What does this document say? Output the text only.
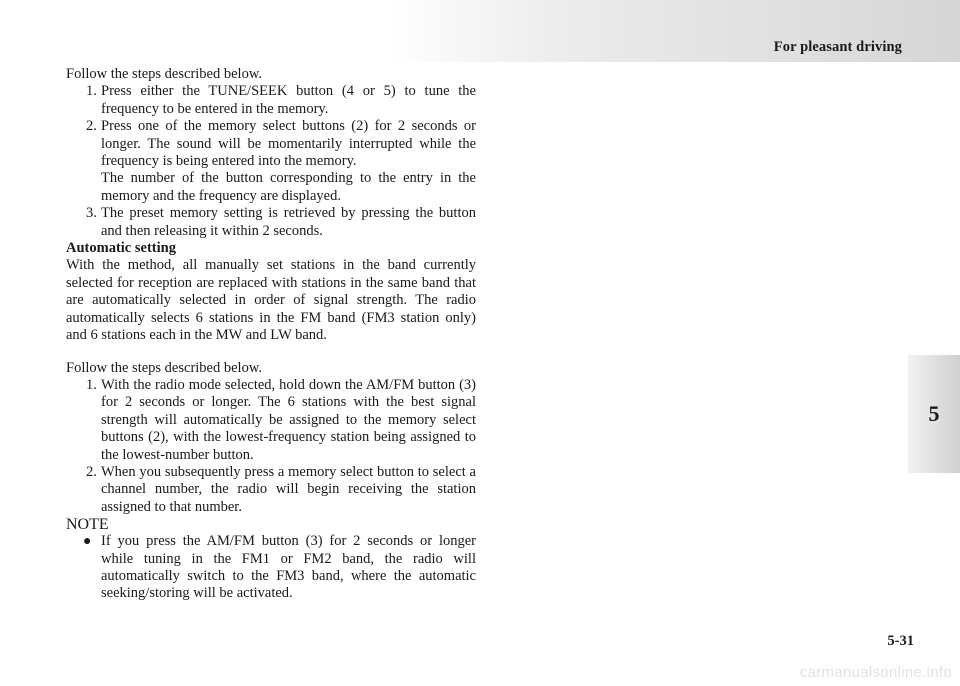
For pleasant driving
5

Follow the steps described below.

1. Press either the TUNE/SEEK button (4 or 5) to tune the frequency to be entered in the memory.
2. Press one of the memory select buttons (2) for 2 seconds or longer. The sound will be momentarily interrupted while the frequency is being entered into the memory.
The number of the button corresponding to the entry in the memory and the frequency are displayed.
3. The preset memory setting is retrieved by pressing the button and then releasing it within 2 seconds.

Automatic setting

With the method, all manually set stations in the band currently selected for reception are replaced with stations in the same band that are automatically selected in order of signal strength. The radio automatically selects 6 stations in the FM band (FM3 station only) and 6 stations each in the MW and LW band.

Follow the steps described below.

1. With the radio mode selected, hold down the AM/FM button (3) for 2 seconds or longer. The 6 stations with the best signal strength will automatically be assigned to the memory select buttons (2), with the lowest-frequency station being assigned to the lowest-number button.
2. When you subsequently press a memory select button to select a channel number, the radio will begin receiving the station assigned to that number.

NOTE

● If you press the AM/FM button (3) for 2 seconds or longer while tuning in the FM1 or FM2 band, the radio will automatically switch to the FM3 band, where the automatic seeking/storing will be activated.
5-31
carmanualsonline.info
